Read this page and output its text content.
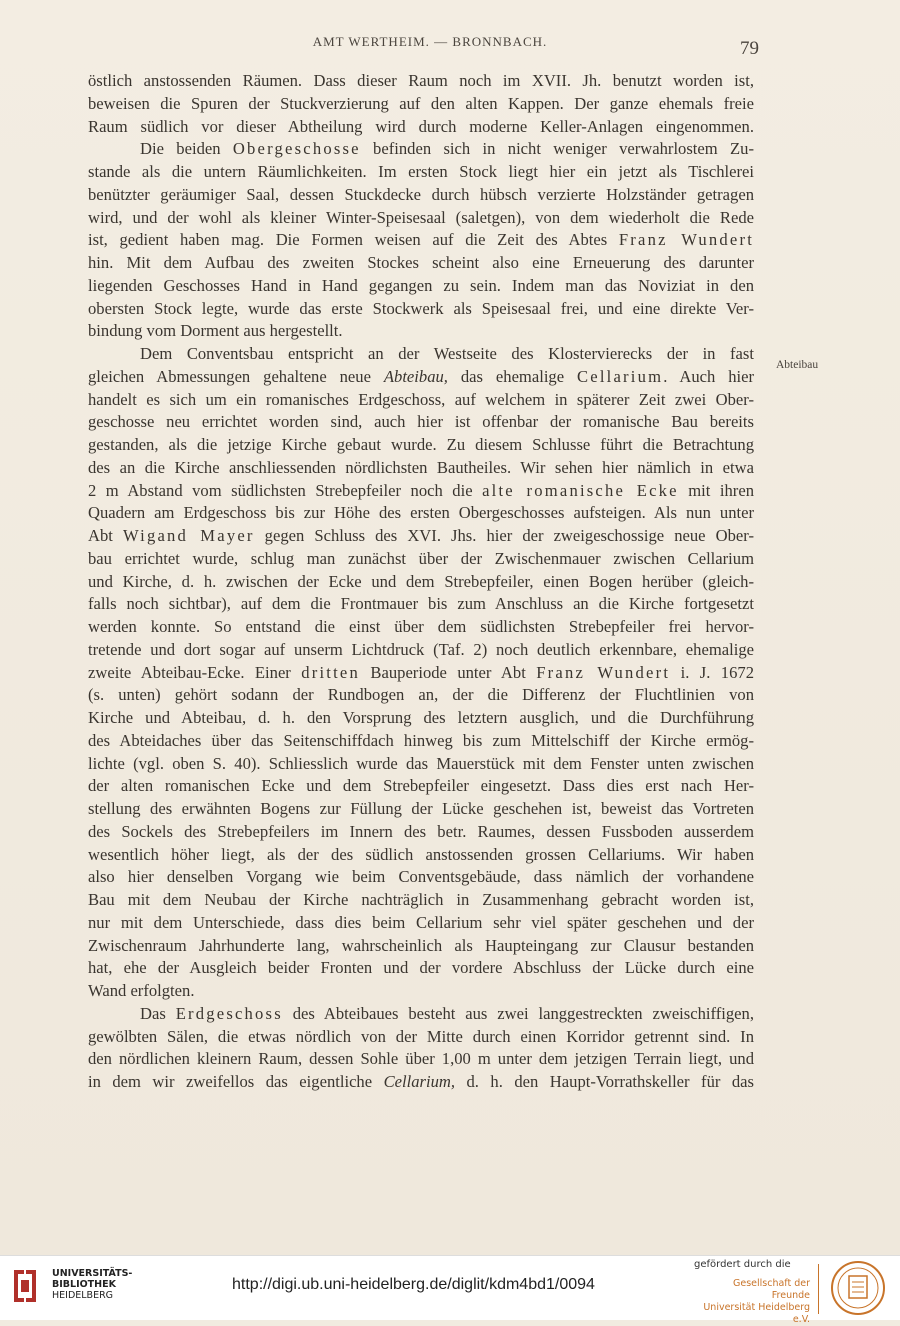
AMT WERTHEIM. — BRONNBACH.	79
Abteibau

östlich anstossenden Räumen. Dass dieser Raum noch im XVII. Jh. benutzt worden ist,

beweisen die Spuren der Stuckverzierung auf den alten Kappen. Der ganze ehemals freie

Raum südlich vor dieser Abtheilung wird durch moderne Keller-Anlagen eingenommen.

Die beiden Obergeschosse befinden sich in nicht weniger verwahrlostem Zu-

stande als die untern Räumlichkeiten. Im ersten Stock liegt hier ein jetzt als Tischlerei

benützter geräumiger Saal, dessen Stuckdecke durch hübsch verzierte Holzständer getragen

wird, und der wohl als kleiner Winter-Speisesaal (saletgen), von dem wiederholt die Rede

ist, gedient haben mag. Die Formen weisen auf die Zeit des Abtes Franz Wundert

hin. Mit dem Aufbau des zweiten Stockes scheint also eine Erneuerung des darunter

liegenden Geschosses Hand in Hand gegangen zu sein. Indem man das Noviziat in den

obersten Stock legte, wurde das erste Stockwerk als Speisesaal frei, und eine direkte Ver-

bindung vom Dorment aus hergestellt.

Dem Conventsbau entspricht an der Westseite des Klostervierecks der in fast

gleichen Abmessungen gehaltene neue Abteibau, das ehemalige Cellarium. Auch hier

handelt es sich um ein romanisches Erdgeschoss, auf welchem in späterer Zeit zwei Ober-

geschosse neu errichtet worden sind, auch hier ist offenbar der romanische Bau bereits

gestanden, als die jetzige Kirche gebaut wurde. Zu diesem Schlusse führt die Betrachtung

des an die Kirche anschliessenden nördlichsten Bautheiles. Wir sehen hier nämlich in etwa

2 m Abstand vom südlichsten Strebepfeiler noch die alte romanische Ecke mit ihren

Quadern am Erdgeschoss bis zur Höhe des ersten Obergeschosses aufsteigen. Als nun unter

Abt Wigand Mayer gegen Schluss des XVI. Jhs. hier der zweigeschossige neue Ober-

bau errichtet wurde, schlug man zunächst über der Zwischenmauer zwischen Cellarium

und Kirche, d. h. zwischen der Ecke und dem Strebepfeiler, einen Bogen herüber (gleich-

falls noch sichtbar), auf dem die Frontmauer bis zum Anschluss an die Kirche fortgesetzt

werden konnte. So entstand die einst über dem südlichsten Strebepfeiler frei hervor-

tretende und dort sogar auf unserm Lichtdruck (Taf. 2) noch deutlich erkennbare, ehemalige

zweite Abteibau-Ecke. Einer dritten Bauperiode unter Abt Franz Wundert i. J. 1672

(s. unten) gehört sodann der Rundbogen an, der die Differenz der Fluchtlinien von

Kirche und Abteibau, d. h. den Vorsprung des letztern ausglich, und die Durchführung

des Abteidaches über das Seitenschiffdach hinweg bis zum Mittelschiff der Kirche ermög-

lichte (vgl. oben S. 40). Schliesslich wurde das Mauerstück mit dem Fenster unten zwischen

der alten romanischen Ecke und dem Strebepfeiler eingesetzt. Dass dies erst nach Her-

stellung des erwähnten Bogens zur Füllung der Lücke geschehen ist, beweist das Vortreten

des Sockels des Strebepfeilers im Innern des betr. Raumes, dessen Fussboden ausserdem

wesentlich höher liegt, als der des südlich anstossenden grossen Cellariums. Wir haben

also hier denselben Vorgang wie beim Conventsgebäude, dass nämlich der vorhandene

Bau mit dem Neubau der Kirche nachträglich in Zusammenhang gebracht worden ist,

nur mit dem Unterschiede, dass dies beim Cellarium sehr viel später geschehen und der

Zwischenraum Jahrhunderte lang, wahrscheinlich als Haupteingang zur Clausur bestanden

hat, ehe der Ausgleich beider Fronten und der vordere Abschluss der Lücke durch eine

Wand erfolgten.

Das Erdgeschoss des Abteibaues besteht aus zwei langgestreckten zweischiffigen,

gewölbten Sälen, die etwas nördlich von der Mitte durch einen Korridor getrennt sind. In

den nördlichen kleinern Raum, dessen Sohle über 1,00 m unter dem jetzigen Terrain liegt, und

in dem wir zweifellos das eigentliche Cellarium, d. h. den Haupt-Vorrathskeller für das

UNIVERSITÄTS-
BIBLIOTHEK
HEIDELBERG
http://digi.ub.uni-heidelberg.de/diglit/kdm4bd1/0094
gefördert durch die
Gesellschaft der Freunde
Universität Heidelberg e.V.
